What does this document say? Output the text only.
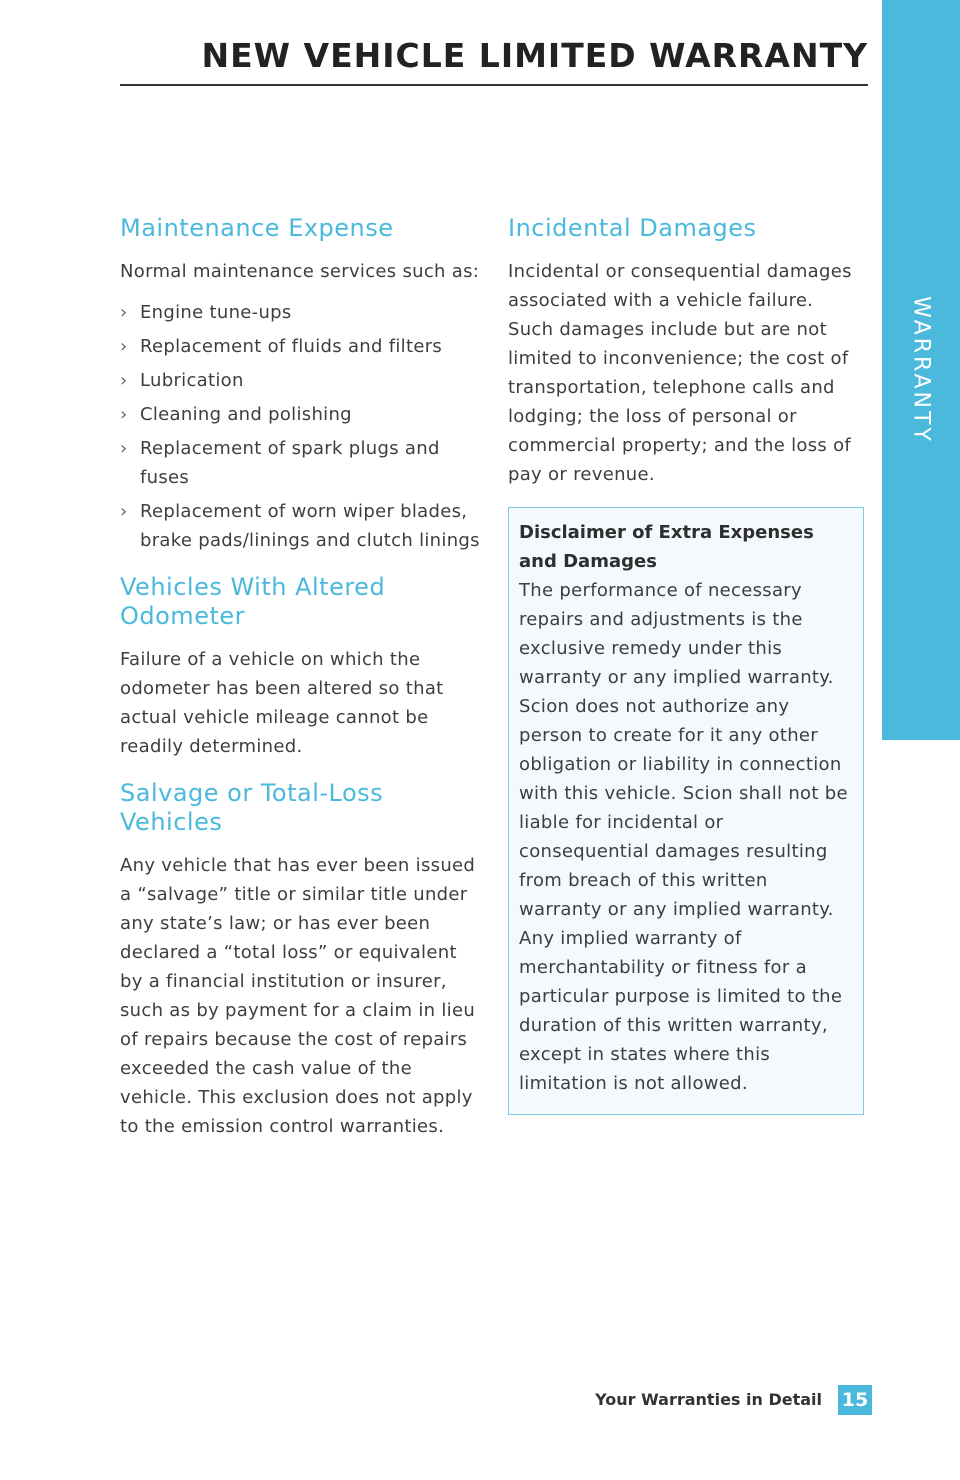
WARRANTY
NEW VEHICLE LIMITED WARRANTY
Maintenance Expense

Normal maintenance services such as:

› Engine tune-ups
› Replacement of fluids and filters
› Lubrication
› Cleaning and polishing
› Replacement of spark plugs and fuses
› Replacement of worn wiper blades, brake pads/linings and clutch linings
Vehicles With Altered Odometer

Failure of a vehicle on which the odometer has been altered so that actual vehicle mileage cannot be readily determined.

Salvage or Total-Loss Vehicles

Any vehicle that has ever been issued a “salvage” title or similar title under any state’s law; or has ever been declared a “total loss” or equivalent by a financial institution or insurer, such as by payment for a claim in lieu of repairs because the cost of repairs exceeded the cash value of the vehicle. This exclusion does not apply to the emission control warranties.

Incidental Damages

Incidental or consequential damages associated with a vehicle failure. Such damages include but are not limited to inconvenience; the cost of transportation, telephone calls and lodging; the loss of personal or commercial property; and the loss of pay or revenue.

Disclaimer of Extra Expenses and Damages
The performance of necessary repairs and adjustments is the exclusive remedy under this warranty or any implied warranty. Scion does not authorize any person to create for it any other obligation or liability in connection with this vehicle. Scion shall not be liable for incidental or consequential damages resulting from breach of this written warranty or any implied warranty. Any implied warranty of merchantability or fitness for a particular purpose is limited to the duration of this written warranty, except in states where this limitation is not allowed.
Your Warranties in Detail 15
